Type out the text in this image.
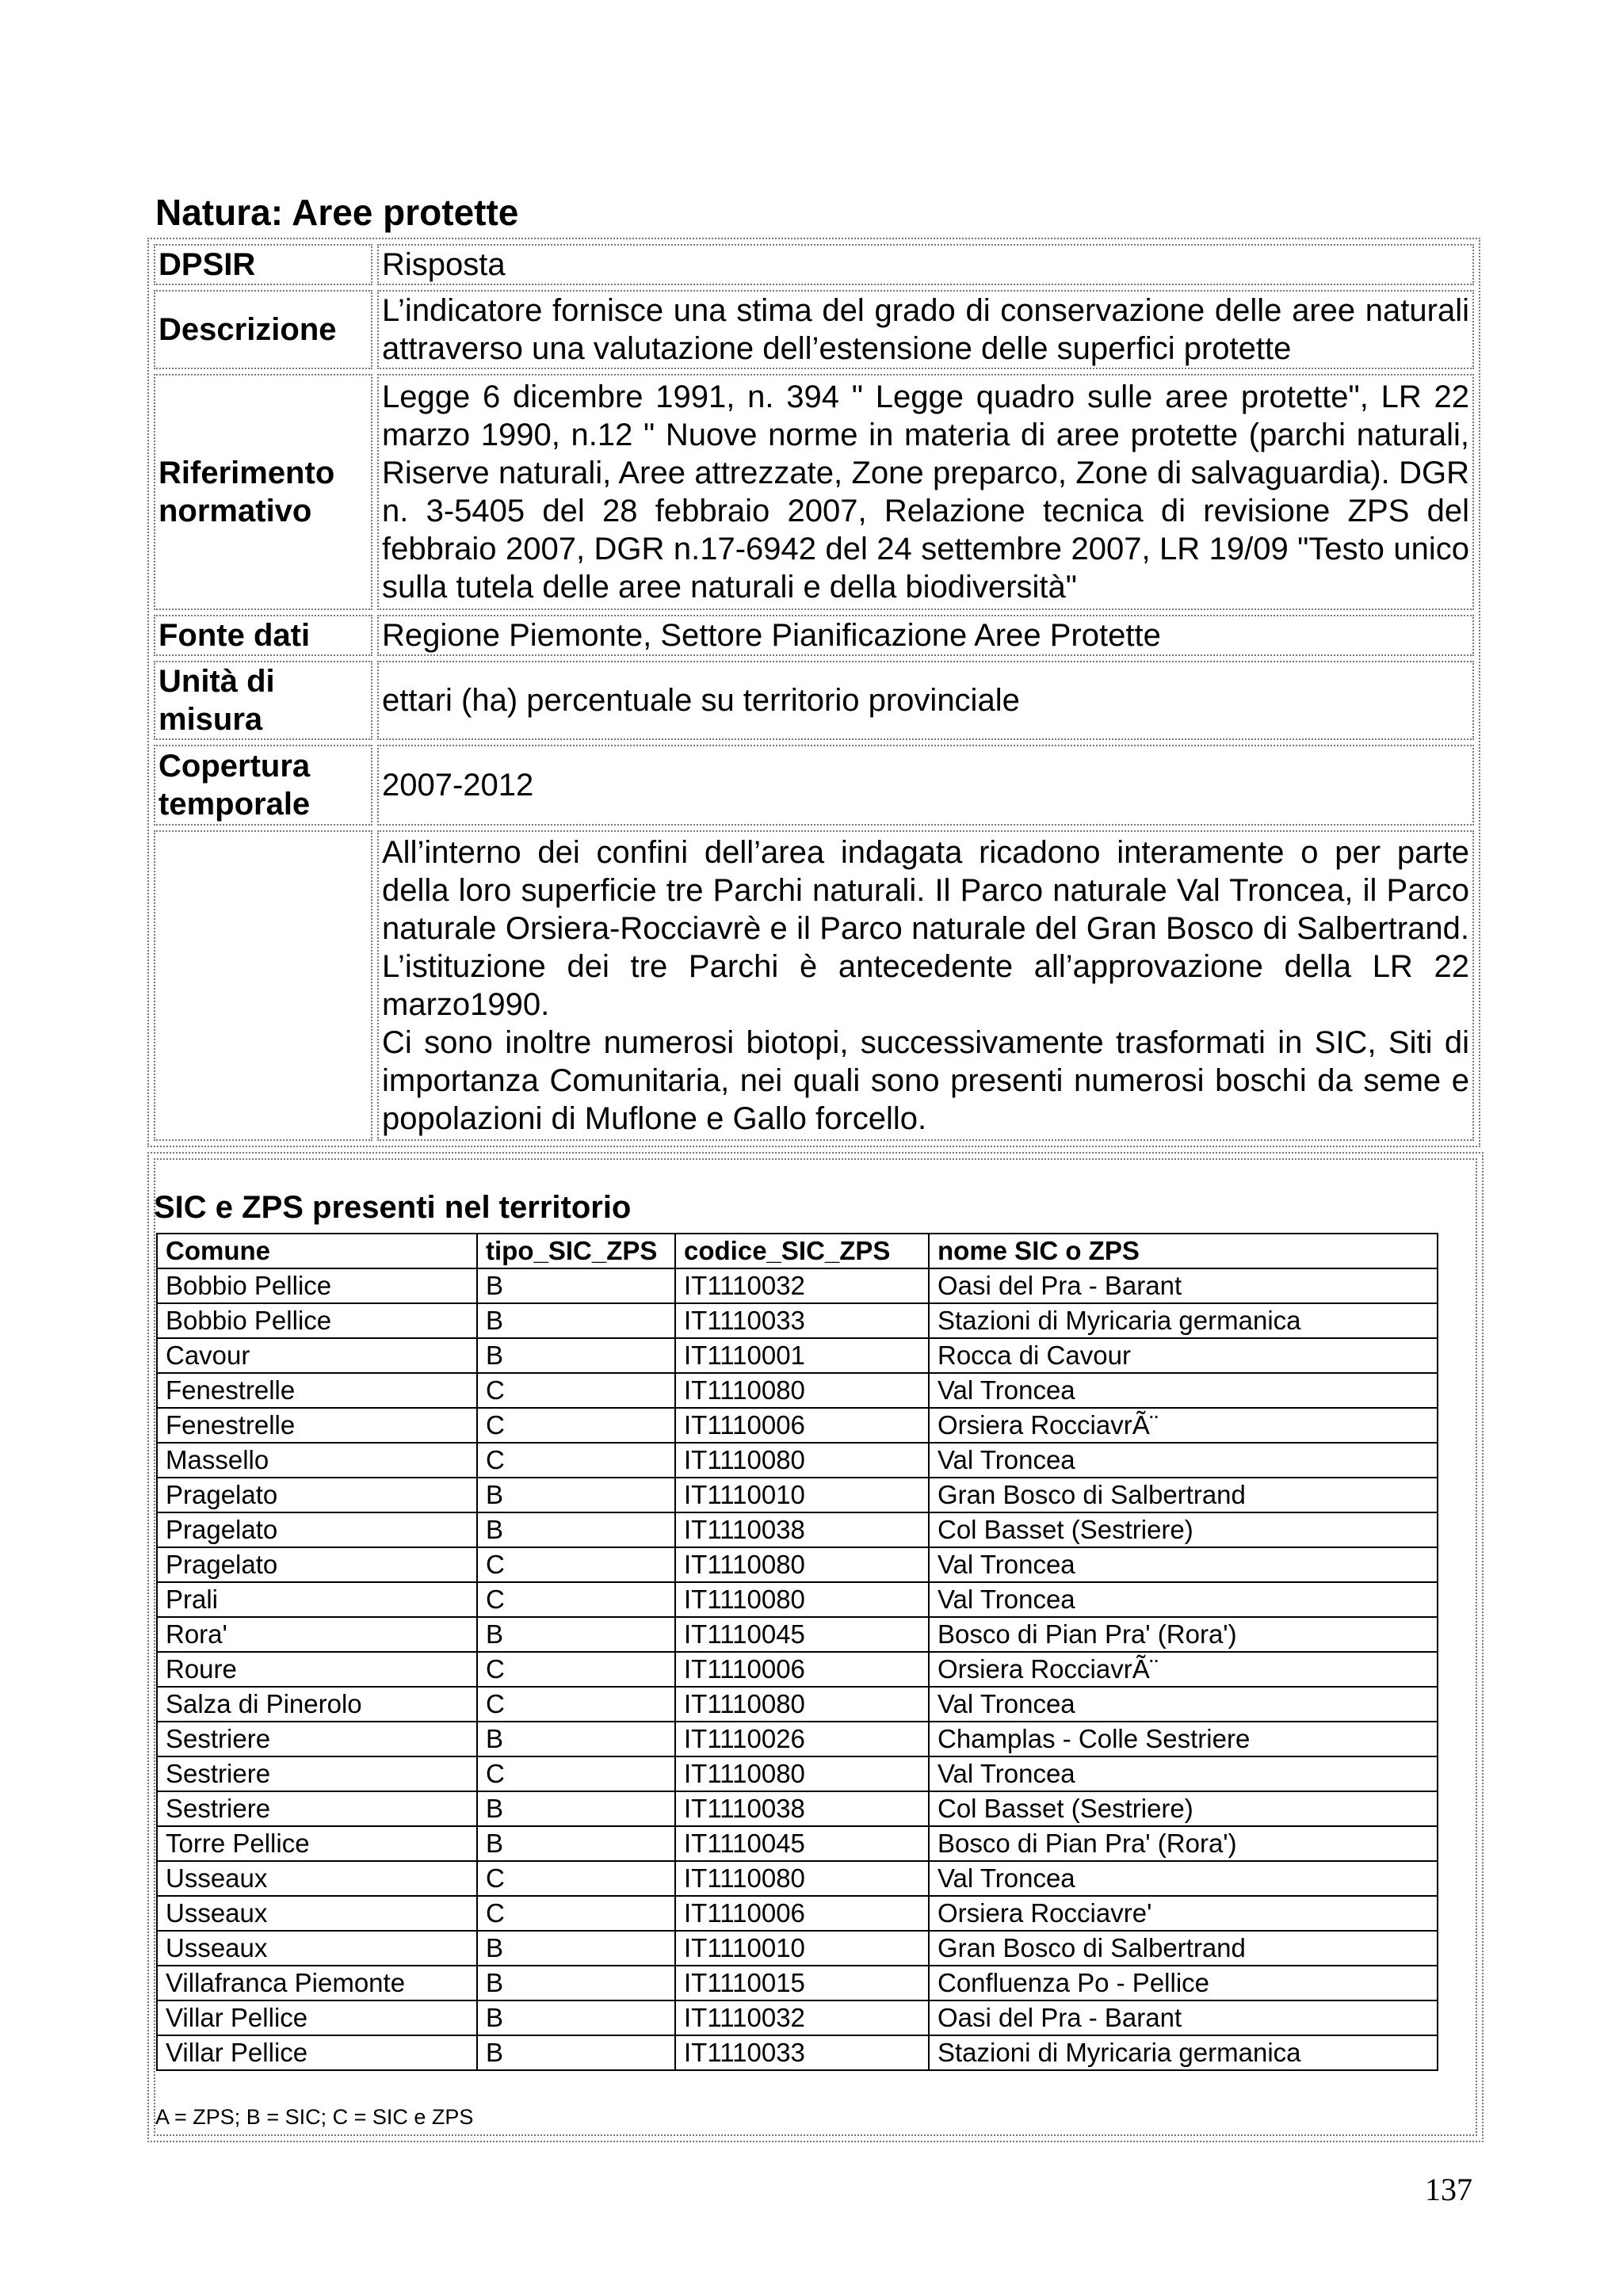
Natura: Aree protette
DPSIR	Risposta

Descrizione	L’indicatore fornisce una stima del grado di conservazione delle aree naturali attraverso una valutazione dell’estensione delle superfici protette

Riferimento normativo	Legge 6 dicembre 1991, n. 394 " Legge quadro sulle aree protette", LR 22 marzo 1990, n.12 " Nuove norme in materia di aree protette (parchi naturali, Riserve naturali, Aree attrezzate, Zone preparco, Zone di salvaguardia). DGR n. 3-5405 del 28 febbraio 2007, Relazione tecnica di revisione ZPS del febbraio 2007, DGR n.17-6942 del 24 settembre 2007, LR 19/09 "Testo unico sulla tutela delle aree naturali e della biodiversità"

Fonte dati	Regione Piemonte, Settore Pianificazione Aree Protette

Unità di misura	ettari (ha) percentuale su territorio provinciale

Copertura temporale	2007-2012

	All’interno dei confini dell’area indagata ricadono interamente o per parte della loro superficie tre Parchi naturali. Il Parco naturale Val Troncea, il Parco naturale Orsiera-Rocciavrè e il Parco naturale del Gran Bosco di Salbertrand. L’istituzione dei tre Parchi è antecedente all’approvazione della LR 22 marzo1990.

Ci sono inoltre numerosi biotopi, successivamente trasformati in SIC, Siti di importanza Comunitaria, nei quali sono presenti numerosi boschi da seme e popolazioni di Muflone e Gallo forcello.

SIC e ZPS presenti nel territorio
Comune	tipo_SIC_ZPS	codice_SIC_ZPS	nome SIC o ZPS
Bobbio Pellice	B	IT1110032	Oasi del Pra - Barant
Bobbio Pellice	B	IT1110033	Stazioni di Myricaria germanica
Cavour	B	IT1110001	Rocca di Cavour
Fenestrelle	C	IT1110080	Val Troncea
Fenestrelle	C	IT1110006	Orsiera RocciavrÃ¨
Massello	C	IT1110080	Val Troncea
Pragelato	B	IT1110010	Gran Bosco di Salbertrand
Pragelato	B	IT1110038	Col Basset (Sestriere)
Pragelato	C	IT1110080	Val Troncea
Prali	C	IT1110080	Val Troncea
Rora'	B	IT1110045	Bosco di Pian Pra' (Rora')
Roure	C	IT1110006	Orsiera RocciavrÃ¨
Salza di Pinerolo	C	IT1110080	Val Troncea
Sestriere	B	IT1110026	Champlas - Colle Sestriere
Sestriere	C	IT1110080	Val Troncea
Sestriere	B	IT1110038	Col Basset (Sestriere)
Torre Pellice	B	IT1110045	Bosco di Pian Pra' (Rora')
Usseaux	C	IT1110080	Val Troncea
Usseaux	C	IT1110006	Orsiera Rocciavre'
Usseaux	B	IT1110010	Gran Bosco di Salbertrand
Villafranca Piemonte	B	IT1110015	Confluenza Po - Pellice
Villar Pellice	B	IT1110032	Oasi del Pra - Barant
Villar Pellice	B	IT1110033	Stazioni di Myricaria germanica
A = ZPS; B = SIC; C = SIC e ZPS
137
